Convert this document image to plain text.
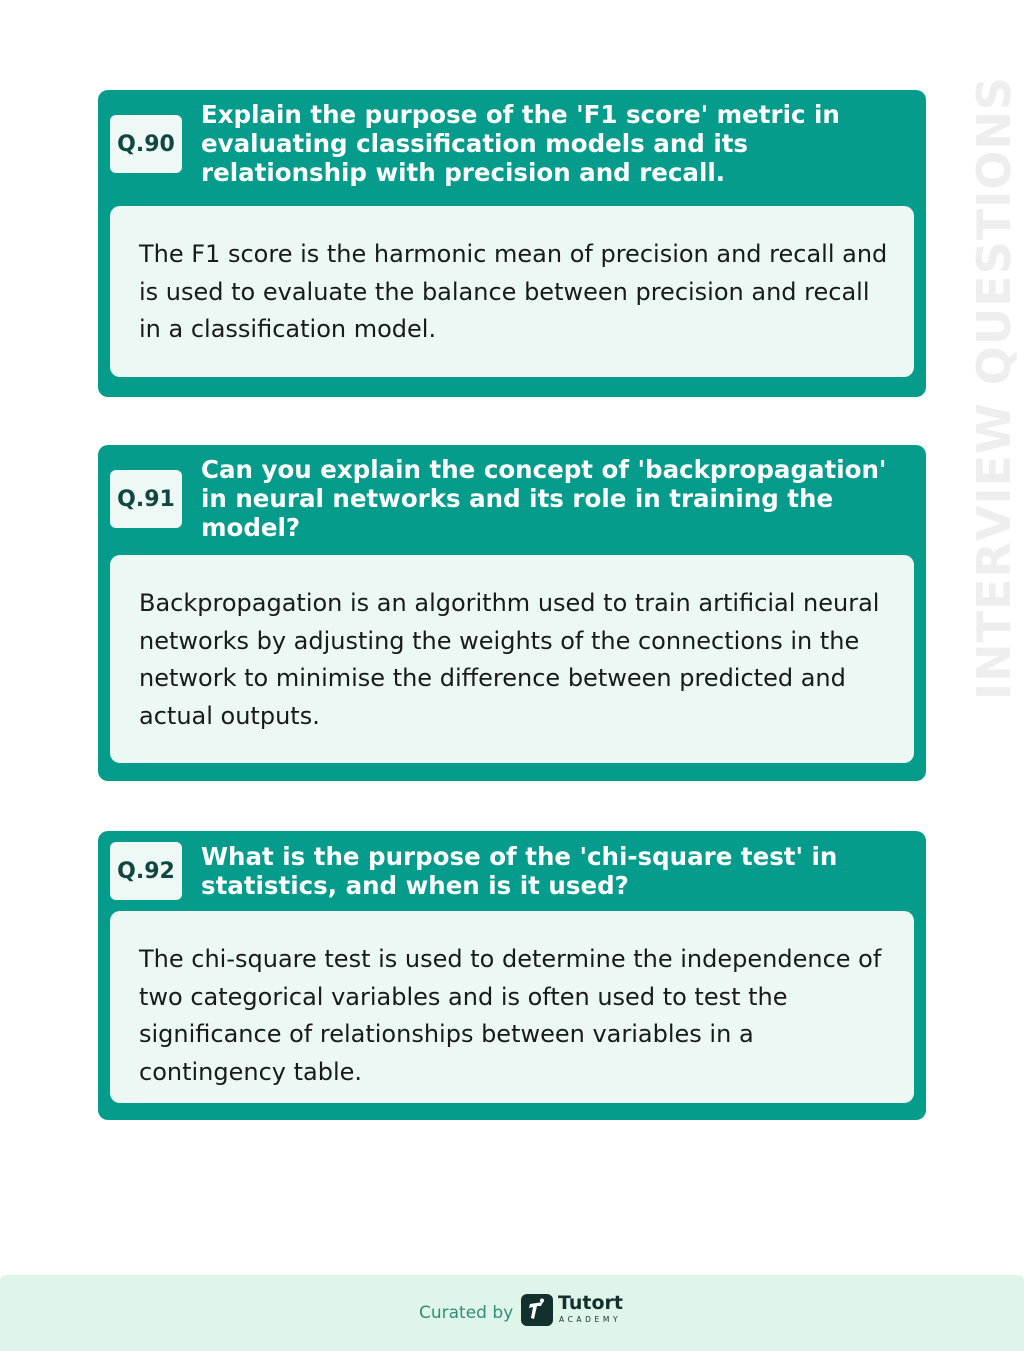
INTERVIEW QUESTIONS
Q.90
Explain the purpose of the 'F1 score' metric in evaluating classification models and its relationship with precision and recall.
The F1 score is the harmonic mean of precision and recall and is used to evaluate the balance between precision and recall in a classification model.
Q.91
Can you explain the concept of 'backpropagation' in neural networks and its role in training the model?
Backpropagation is an algorithm used to train artificial neural networks by adjusting the weights of the connections in the network to minimise the difference between predicted and actual outputs.
Q.92 What is the purpose of the 'chi-square test' in statistics, and when is it used?
The chi-square test is used to determine the independence of two categorical variables and is often used to test the significance of relationships between variables in a contingency table.
Curated by Tutort
ACADEMY
